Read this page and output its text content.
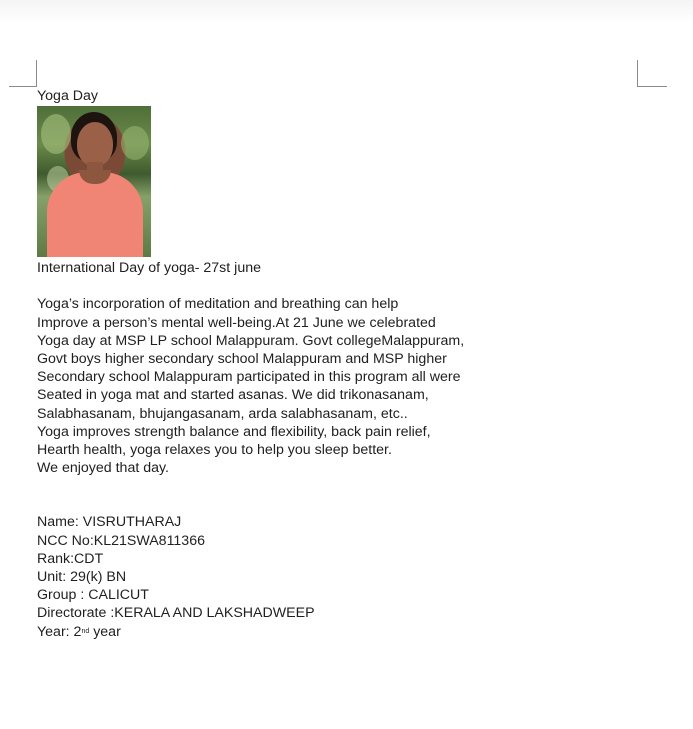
Yoga Day
International Day of yoga- 27st june
Yoga’s incorporation of meditation and breathing can help
Improve a person’s mental well-being.At 21 June we celebrated
Yoga day at MSP LP school Malappuram. Govt collegeMalappuram,
Govt boys higher secondary school Malappuram and MSP higher
Secondary school Malappuram participated in this program all were
Seated in yoga mat and started asanas. We did trikonasanam,
Salabhasanam, bhujangasanam, arda salabhasanam, etc..
Yoga improves strength balance and flexibility, back pain relief,
Hearth health, yoga relaxes you to help you sleep better.
We enjoyed that day.
Name: VISRUTHARAJ
NCC No:KL21SWA811366
Rank:CDT
Unit: 29(k) BN
Group : CALICUT
Directorate :KERALA AND LAKSHADWEEP
Year: 2nd year
